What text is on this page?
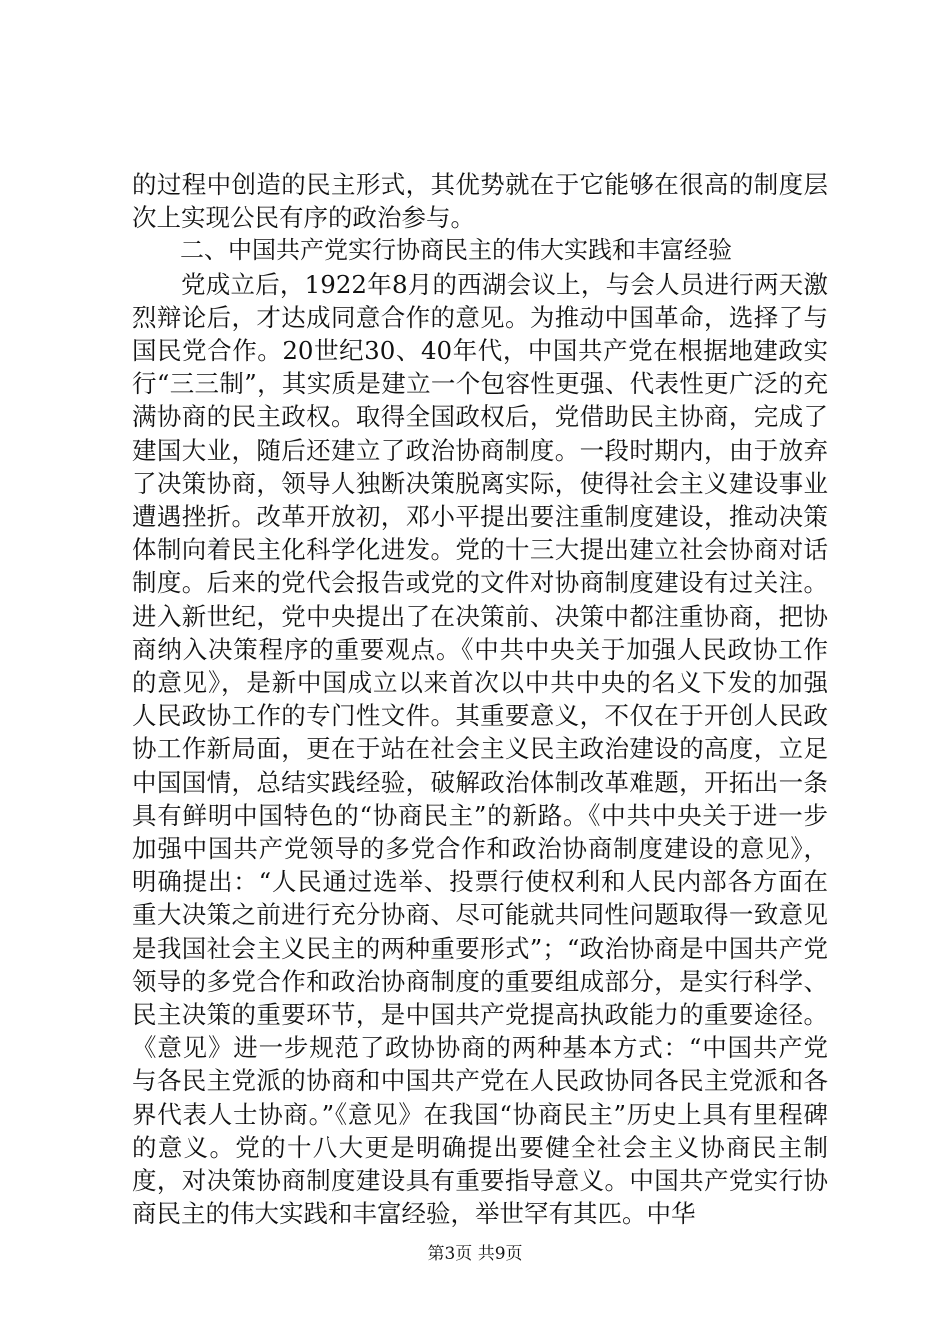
的过程中创造的民主形式，其优势就在于它能够在很高的制度层次上实现公民有序的政治参与。

二、中国共产党实行协商民主的伟大实践和丰富经验

党成立后，1922年8月的西湖会议上，与会人员进行两天激烈辩论后，才达成同意合作的意见。为推动中国革命，选择了与国民党合作。20世纪30、40年代，中国共产党在根据地建政实行“三三制”，其实质是建立一个包容性更强、代表性更广泛的充满协商的民主政权。取得全国政权后，党借助民主协商，完成了建国大业，随后还建立了政治协商制度。一段时期内，由于放弃了决策协商，领导人独断决策脱离实际，使得社会主义建设事业遭遇挫折。改革开放初，邓小平提出要注重制度建设，推动决策体制向着民主化科学化进发。党的十三大提出建立社会协商对话制度。后来的党代会报告或党的文件对协商制度建设有过关注。进入新世纪，党中央提出了在决策前、决策中都注重协商，把协商纳入决策程序的重要观点。《中共中央关于加强人民政协工作的意见》，是新中国成立以来首次以中共中央的名义下发的加强人民政协工作的专门性文件。其重要意义，不仅在于开创人民政协工作新局面，更在于站在社会主义民主政治建设的高度，立足中国国情，总结实践经验，破解政治体制改革难题，开拓出一条具有鲜明中国特色的“协商民主”的新路。《中共中央关于进一步加强中国共产党领导的多党合作和政治协商制度建设的意见》，明确提出：“人民通过选举、投票行使权利和人民内部各方面在重大决策之前进行充分协商、尽可能就共同性问题取得一致意见是我国社会主义民主的两种重要形式”；“政治协商是中国共产党领导的多党合作和政治协商制度的重要组成部分，是实行科学、民主决策的重要环节，是中国共产党提高执政能力的重要途径。《意见》进一步规范了政协协商的两种基本方式：“中国共产党与各民主党派的协商和中国共产党在人民政协同各民主党派和各界代表人士协商。”《意见》在我国“协商民主”历史上具有里程碑的意义。党的十八大更是明确提出要健全社会主义协商民主制度，对决策协商制度建设具有重要指导意义。中国共产党实行协商民主的伟大实践和丰富经验，举世罕有其匹。中华

第3页 共9页
